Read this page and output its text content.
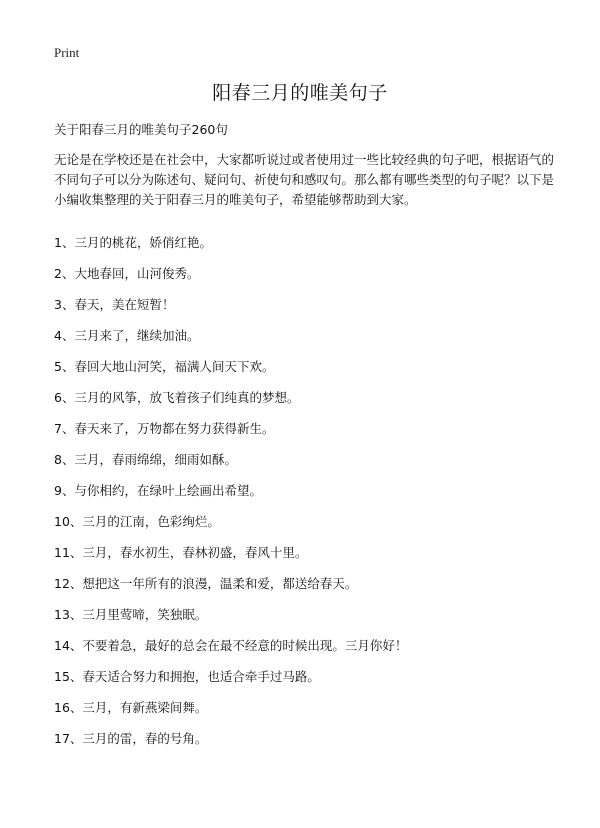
Print
阳春三月的唯美句子
关于阳春三月的唯美句子260句

无论是在学校还是在社会中，大家都听说过或者使用过一些比较经典的句子吧，根据语气的不同句子可以分为陈述句、疑问句、祈使句和感叹句。那么都有哪些类型的句子呢？以下是小编收集整理的关于阳春三月的唯美句子，希望能够帮助到大家。

1、三月的桃花，娇俏红艳。
2、大地春回，山河俊秀。
3、春天，美在短暂！
4、三月来了，继续加油。
5、春回大地山河笑，福满人间天下欢。
6、三月的风筝，放飞着孩子们纯真的梦想。
7、春天来了，万物都在努力获得新生。
8、三月，春雨绵绵，细雨如酥。
9、与你相约，在绿叶上绘画出希望。
10、三月的江南，色彩绚烂。
11、三月，春水初生，春林初盛，春风十里。
12、想把这一年所有的浪漫，温柔和爱，都送给春天。
13、三月里莺啼，笑独眠。
14、不要着急，最好的总会在最不经意的时候出现。三月你好！
15、春天适合努力和拥抱，也适合牵手过马路。
16、三月，有新燕梁间舞。
17、三月的雷，春的号角。
